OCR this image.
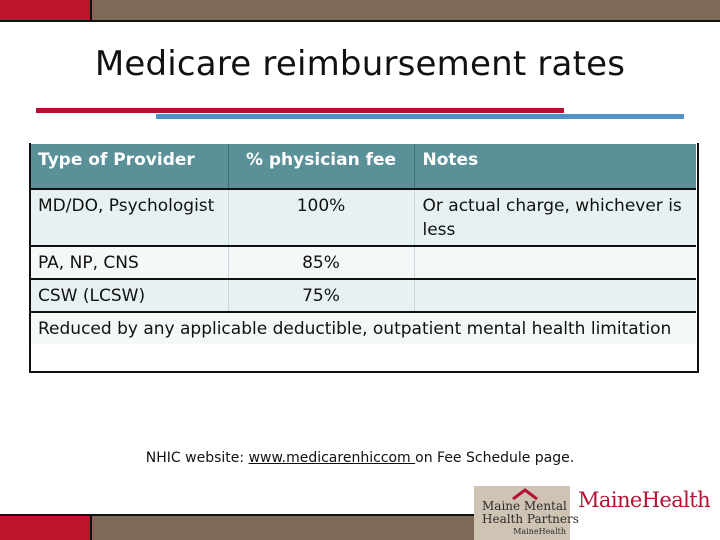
Medicare reimbursement rates
Type of Provider	% physician fee	Notes
MD/DO, Psychologist	100%	Or actual charge, whichever is less
PA, NP, CNS	85%	
CSW (LCSW)	75%	
Reduced by any applicable deductible, outpatient mental health limitation		
NHIC website: www.medicarenhiccom on Fee Schedule page.
Maine Mental
Health Partners
MaineHealth
MaineHealth
